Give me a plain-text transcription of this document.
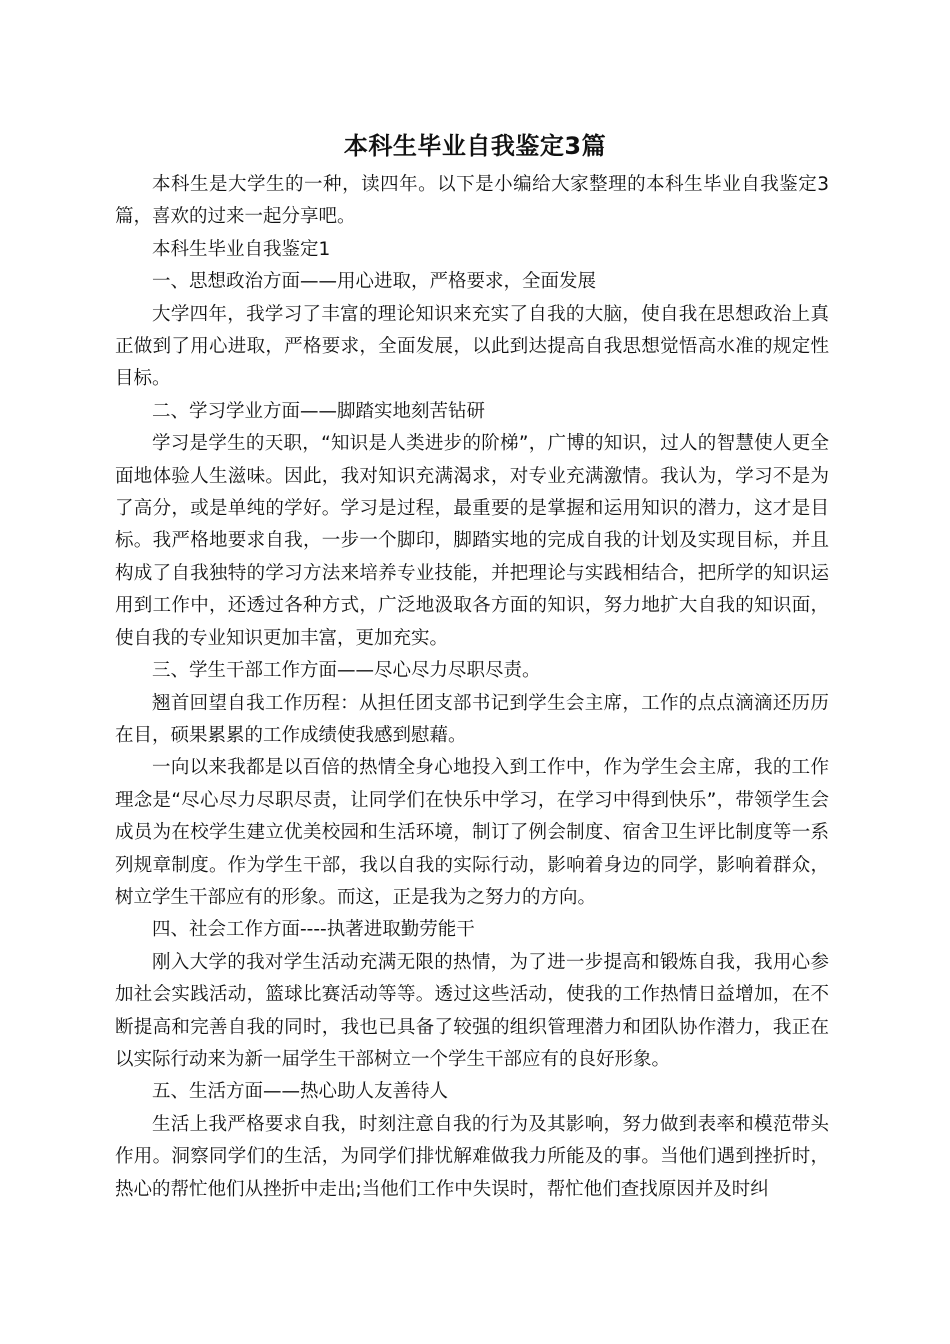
本科生毕业自我鉴定3篇

本科生是大学生的一种，读四年。以下是小编给大家整理的本科生毕业自我鉴定3篇，喜欢的过来一起分享吧。

本科生毕业自我鉴定1

一、思想政治方面——用心进取，严格要求，全面发展

大学四年，我学习了丰富的理论知识来充实了自我的大脑，使自我在思想政治上真正做到了用心进取，严格要求，全面发展，以此到达提高自我思想觉悟高水准的规定性目标。

二、学习学业方面——脚踏实地刻苦钻研

学习是学生的天职，“知识是人类进步的阶梯”，广博的知识，过人的智慧使人更全面地体验人生滋味。因此，我对知识充满渴求，对专业充满激情。我认为，学习不是为了高分，或是单纯的学好。学习是过程，最重要的是掌握和运用知识的潜力，这才是目标。我严格地要求自我，一步一个脚印，脚踏实地的完成自我的计划及实现目标，并且构成了自我独特的学习方法来培养专业技能，并把理论与实践相结合，把所学的知识运用到工作中，还透过各种方式，广泛地汲取各方面的知识，努力地扩大自我的知识面，使自我的专业知识更加丰富，更加充实。

三、学生干部工作方面——尽心尽力尽职尽责。

翘首回望自我工作历程：从担任团支部书记到学生会主席，工作的点点滴滴还历历在目，硕果累累的工作成绩使我感到慰藉。

一向以来我都是以百倍的热情全身心地投入到工作中，作为学生会主席，我的工作理念是“尽心尽力尽职尽责，让同学们在快乐中学习，在学习中得到快乐”，带领学生会成员为在校学生建立优美校园和生活环境，制订了例会制度、宿舍卫生评比制度等一系列规章制度。作为学生干部，我以自我的实际行动，影响着身边的同学，影响着群众，树立学生干部应有的形象。而这，正是我为之努力的方向。

四、社会工作方面----执著进取勤劳能干

刚入大学的我对学生活动充满无限的热情，为了进一步提高和锻炼自我，我用心参加社会实践活动，篮球比赛活动等等。透过这些活动，使我的工作热情日益增加，在不断提高和完善自我的同时，我也已具备了较强的组织管理潜力和团队协作潜力，我正在以实际行动来为新一届学生干部树立一个学生干部应有的良好形象。

五、生活方面——热心助人友善待人

生活上我严格要求自我，时刻注意自我的行为及其影响，努力做到表率和模范带头作用。洞察同学们的生活，为同学们排忧解难做我力所能及的事。当他们遇到挫折时，热心的帮忙他们从挫折中走出;当他们工作中失误时，帮忙他们查找原因并及时纠
